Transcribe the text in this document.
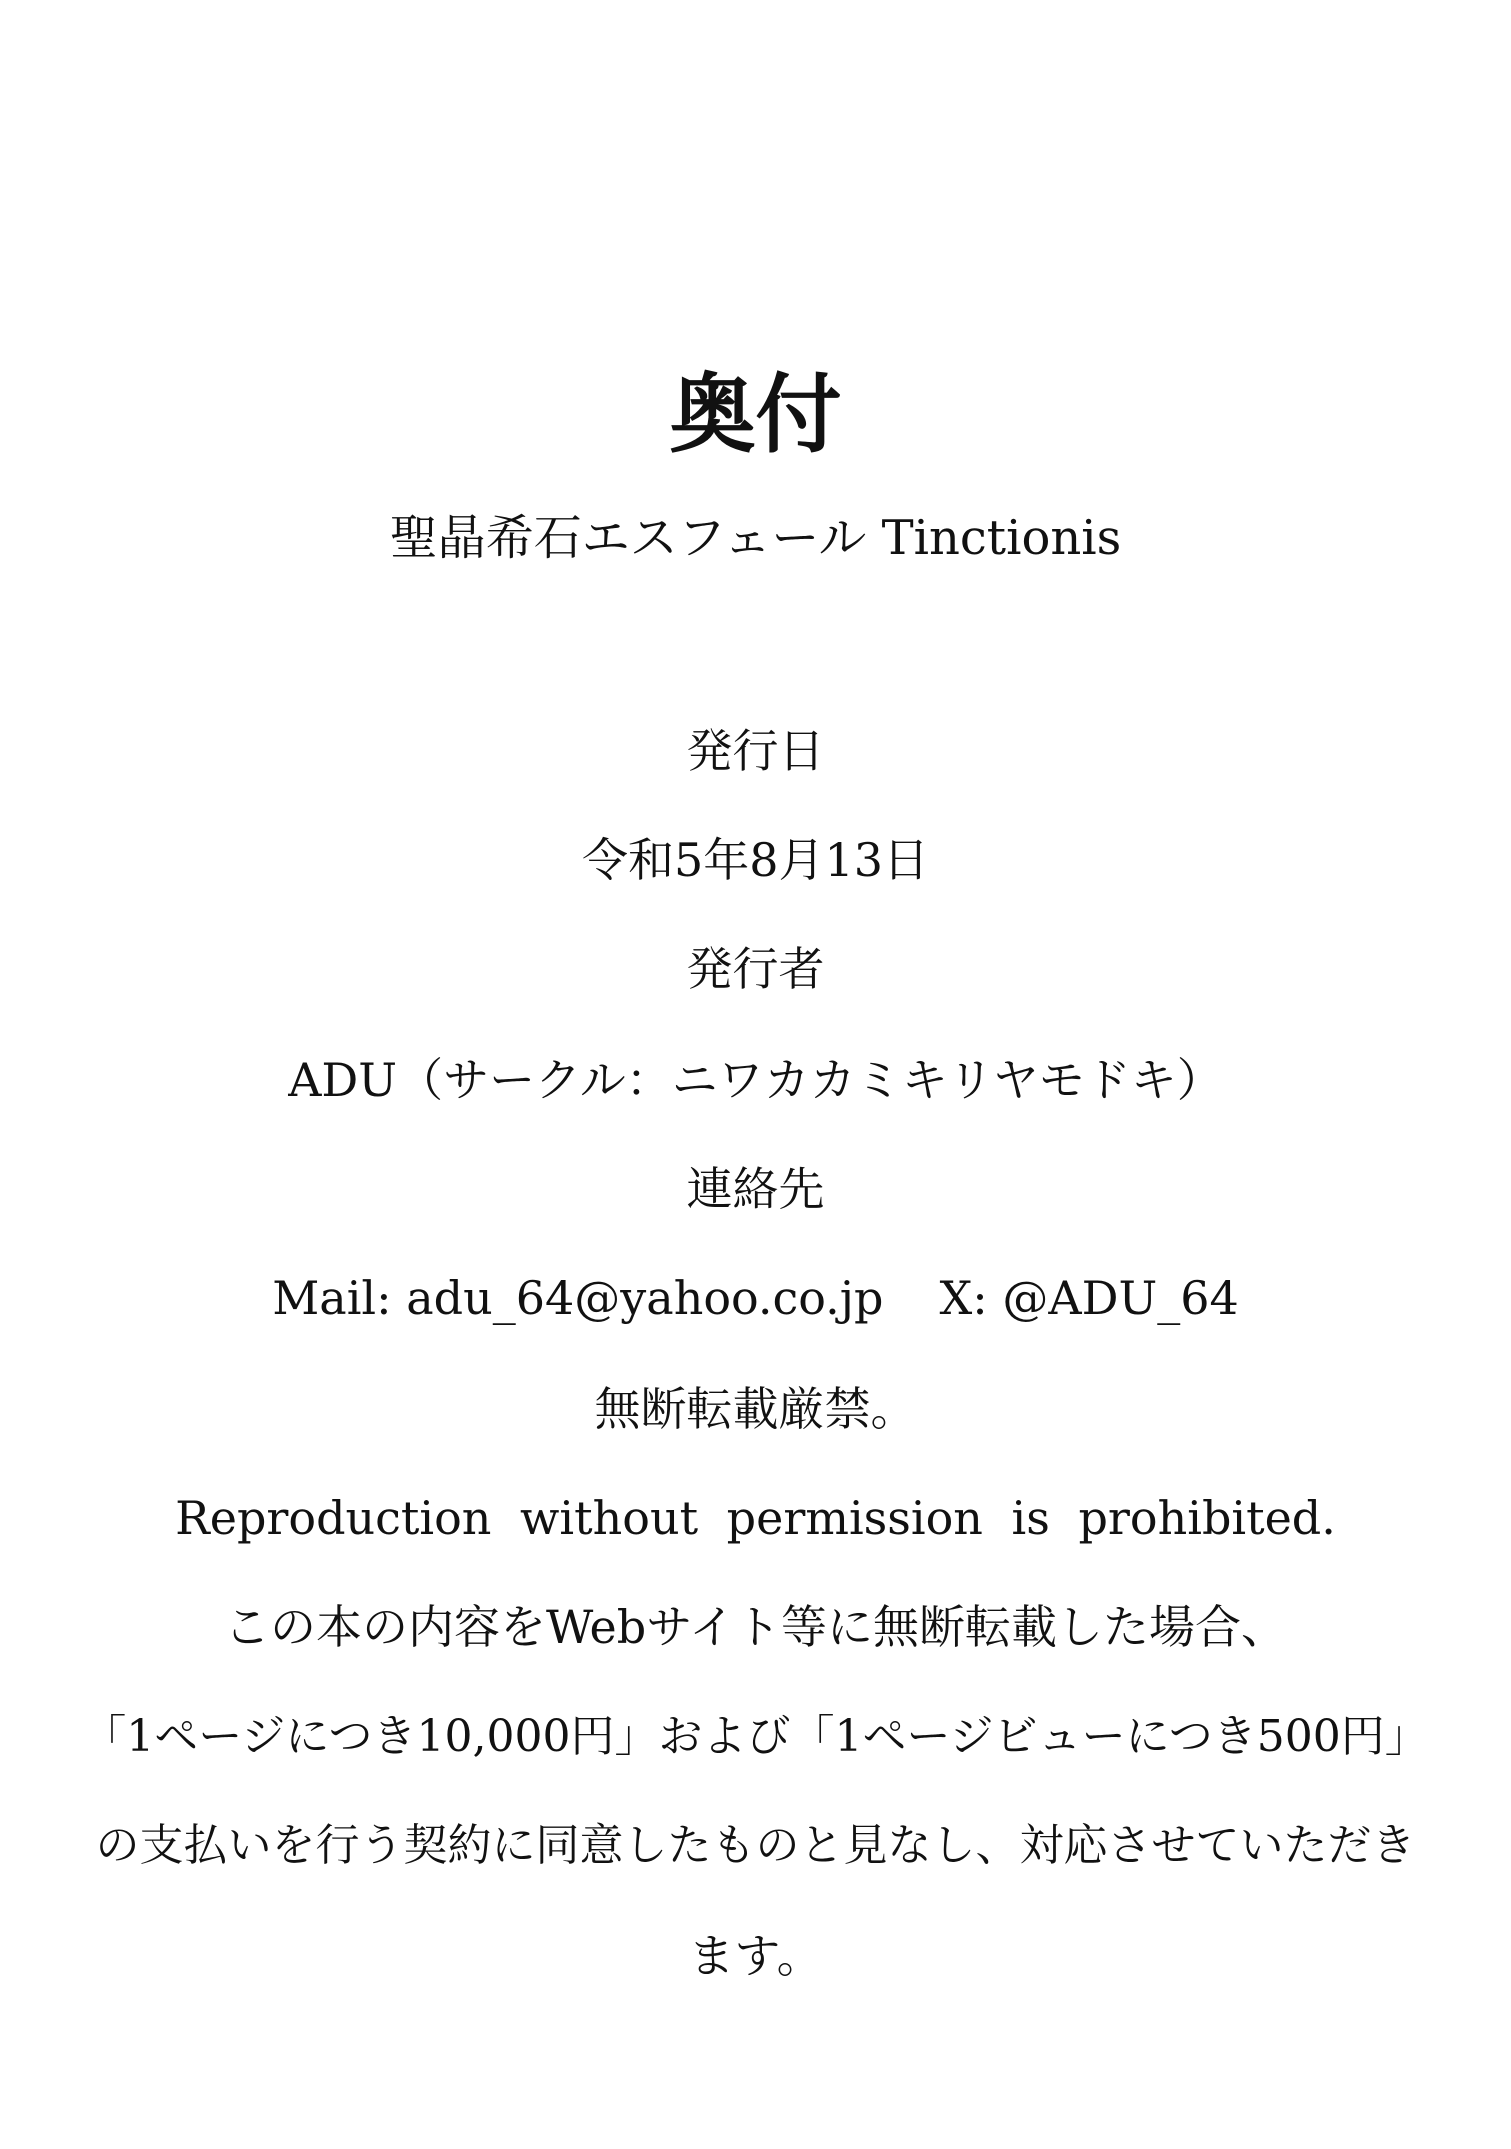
奥付
聖晶希石エスフェール Tinctionis
発行日
令和5年8月13日
発行者
ADU（サークル：ニワカカミキリヤモドキ）
連絡先
Mail: adu_64@yahoo.co.jp X: @ADU_64
無断転載厳禁。
Reproduction without permission is prohibited.
この本の内容をWebサイト等に無断転載した場合、
「1ページにつき10,000円」および「1ページビューにつき500円」
の支払いを行う契約に同意したものと見なし、対応させていただき
ます。
